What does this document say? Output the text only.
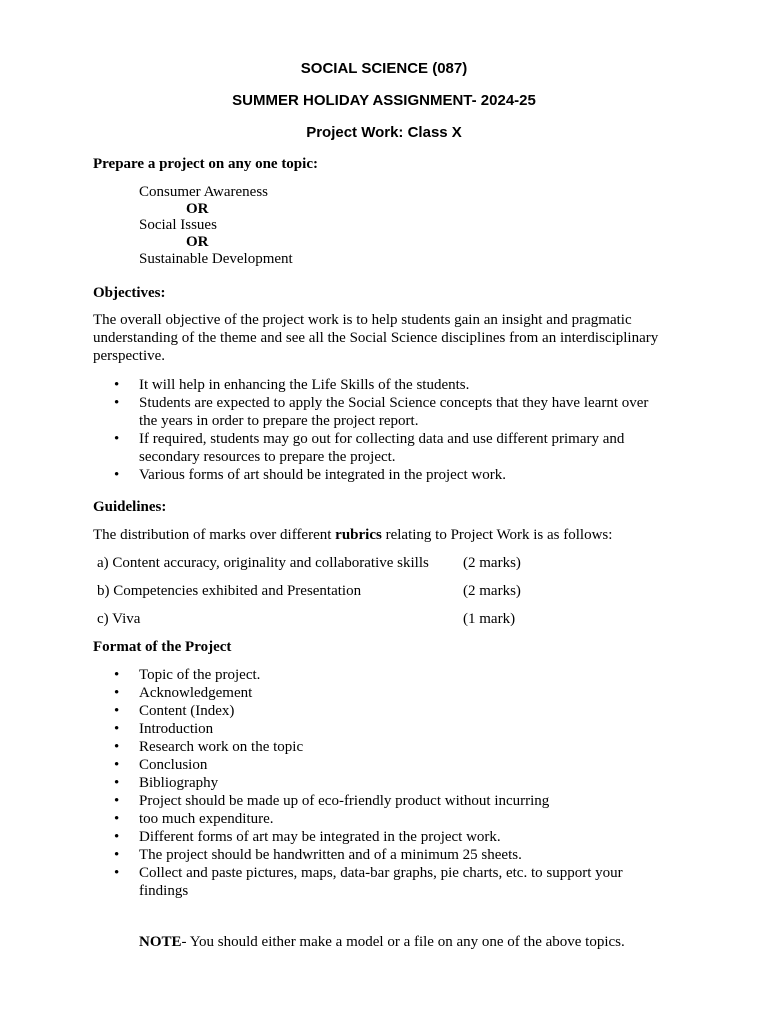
SOCIAL SCIENCE (087)
SUMMER HOLIDAY ASSIGNMENT- 2024-25
Project Work: Class X

Prepare a project on any one topic:

Consumer Awareness

OR

Social Issues

OR

Sustainable Development

Objectives:

The overall objective of the project work is to help students gain an insight and pragmatic
understanding of the theme and see all the Social Science disciplines from an interdisciplinary
perspective.
• It will help in enhancing the Life Skills of the students.
• Students are expected to apply the Social Science concepts that they have learnt over
the years in order to prepare the project report.
• If required, students may go out for collecting data and use different primary and
secondary resources to prepare the project.
• Various forms of art should be integrated in the project work.

Guidelines:

The distribution of marks over different rubrics relating to Project Work is as follows:

a) Content accuracy, originality and collaborative skills (2 marks)

b) Competencies exhibited and Presentation	(2 marks)

c) Viva	(1 mark)

Format of the Project

• Topic of the project.
• Acknowledgement
• Content (Index)
• Introduction
• Research work on the topic
• Conclusion
• Bibliography
• Project should be made up of eco-friendly product without incurring
• too much expenditure.
• Different forms of art may be integrated in the project work.
• The project should be handwritten and of a minimum 25 sheets.
• Collect and paste pictures, maps, data-bar graphs, pie charts, etc. to support your
findings

NOTE- You should either make a model or a file on any one of the above topics.
